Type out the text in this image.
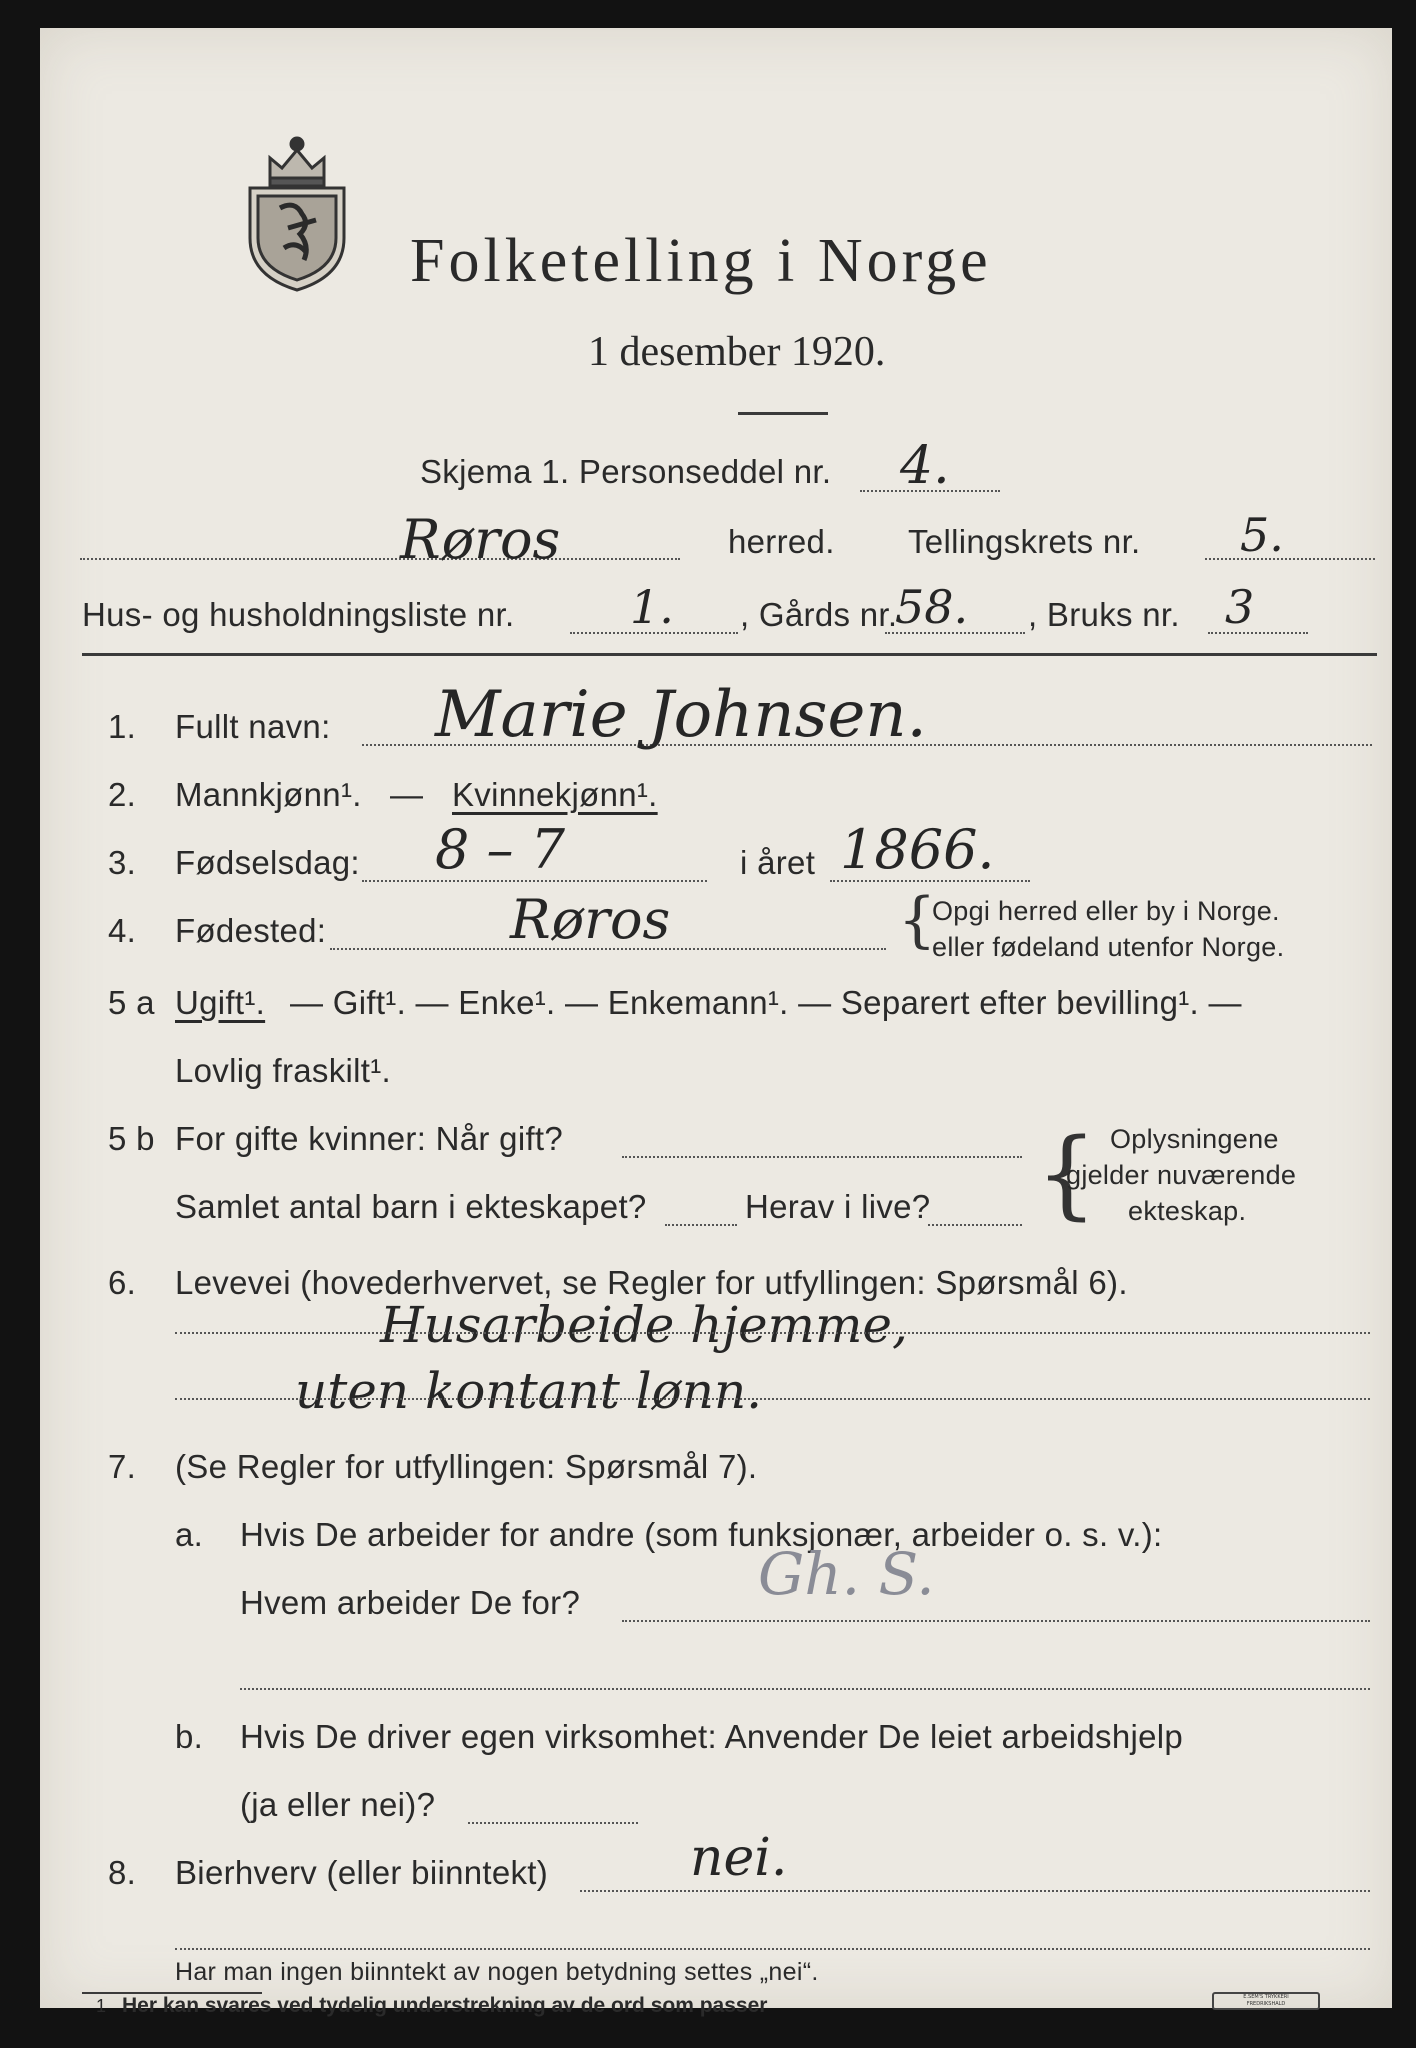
Folketelling i Norge
1 desember 1920.
Skjema 1. Personseddel nr. 4.
Røros	herred. Tellingskrets nr. 5.
Hus- og husholdningsliste nr.	1. , Gårds nr.
58. , Bruks nr. 3
1. Fullt navn: Marie Johnsen.
2. Mannkjønn¹. — Kvinnekjønn¹.
3. Fødselsdag: 8 – 7	i året 1866.
4. Fødested:	Røros	{
Opgi herred eller by i Norge.
eller fødeland utenfor Norge.
5 a Ugift¹. — Gift¹. — Enke¹. — Enkemann¹. — Separert efter bevilling¹. —
Lovlig fraskilt¹.
5 b For gifte kvinner: Når gift?
Samlet antal barn i ekteskapet?	Herav i live? { Oplysningene
gjelder nuværende
ekteskap.
6. Levevei (hovederhvervet, se Regler for utfyllingen: Spørsmål 6).
Husarbeide hjemme,
uten kontant lønn.
7. (Se Regler for utfyllingen: Spørsmål 7).
a. Hvis De arbeider for andre (som funksjonær, arbeider o. s. v.):
Hvem arbeider De for?	Gh. S.
b. Hvis De driver egen virksomhet: Anvender De leiet arbeidshjelp
(ja eller nei)?
8. Bierhverv (eller biinntekt)	nei.
Har man ingen biinntekt av nogen betydning settes „nei“.
1 Her kan svares ved tydelig understrekning av de ord som passer	E.SEM'S TRYKKERI
FREDRIKSHALD
